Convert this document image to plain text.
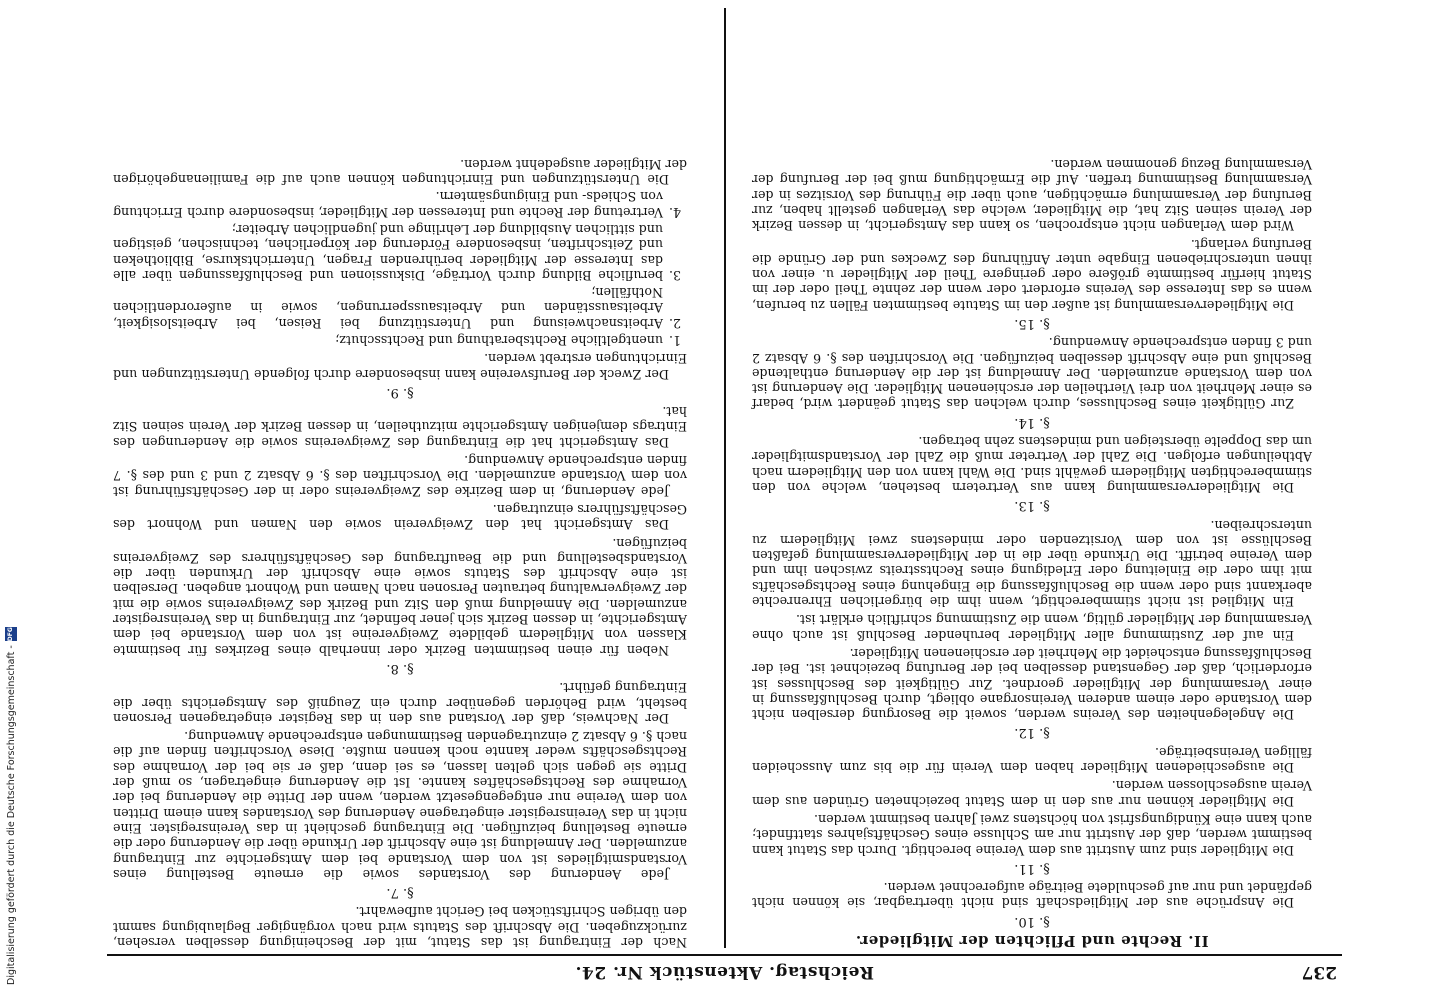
237
Reichstag. Aktenstück Nr. 24.
II. Rechte und Pflichten der Mitglieder.
§. 10.

Die Ansprüche aus der Mitgliedschaft sind nicht übertragbar, sie können nicht gepfändet und nur auf geschuldete Beiträge aufgerechnet werden.

§. 11.

Die Mitglieder sind zum Austritt aus dem Vereine berechtigt. Durch das Statut kann bestimmt werden, daß der Austritt nur am Schlusse eines Geschäftsjahres stattfindet; auch kann eine Kündigungsfrist von höchstens zwei Jahren bestimmt werden.

Die Mitglieder können nur aus den in dem Statut bezeichneten Gründen aus dem Verein ausgeschlossen werden.

Die ausgeschiedenen Mitglieder haben dem Verein für die bis zum Ausscheiden fälligen Vereinsbeiträge.

§. 12.

Die Angelegenheiten des Vereins werden, soweit die Besorgung derselben nicht dem Vorstande oder einem anderen Vereinsorgane obliegt, durch Beschlußfassung in einer Versammlung der Mitglieder geordnet. Zur Gültigkeit des Beschlusses ist erforderlich, daß der Gegenstand desselben bei der Berufung bezeichnet ist. Bei der Beschlußfassung entscheidet die Mehrheit der erschienenen Mitglieder.

Ein auf der Zustimmung aller Mitglieder beruhender Beschluß ist auch ohne Versammlung der Mitglieder gültig, wenn die Zustimmung schriftlich erklärt ist.

Ein Mitglied ist nicht stimmberechtigt, wenn ihm die bürgerlichen Ehrenrechte aberkannt sind oder wenn die Beschlußfassung die Eingehung eines Rechtsgeschäfts mit ihm oder die Einleitung oder Erledigung eines Rechtsstreits zwischen ihm und dem Vereine betrifft. Die Urkunde über die in der Mitgliederversammlung gefaßten Beschlüsse ist von dem Vorsitzenden oder mindestens zwei Mitgliedern zu unterschreiben.

§. 13.

Die Mitgliederversammlung kann aus Vertretern bestehen, welche von den stimmberechtigten Mitgliedern gewählt sind. Die Wahl kann von den Mitgliedern nach Abtheilungen erfolgen. Die Zahl der Vertreter muß die Zahl der Vorstandsmitglieder um das Doppelte übersteigen und mindestens zehn betragen.

§. 14.

Zur Gültigkeit eines Beschlusses, durch welchen das Statut geändert wird, bedarf es einer Mehrheit von drei Viertheilen der erschienenen Mitglieder. Die Aenderung ist von dem Vorstande anzumelden. Der Anmeldung ist der die Aenderung enthaltende Beschluß und eine Abschrift desselben beizufügen. Die Vorschriften des §. 6 Absatz 2 und 3 finden entsprechende Anwendung.

§. 15.

Die Mitgliederversammlung ist außer den im Statute bestimmten Fällen zu berufen, wenn es das Interesse des Vereins erfordert oder wenn der zehnte Theil oder der im Statut hierfür bestimmte größere oder geringere Theil der Mitglieder u. einer von ihnen unterschriebenen Eingabe unter Anführung des Zweckes und der Gründe die Berufung verlangt.

Wird dem Verlangen nicht entsprochen, so kann das Amtsgericht, in dessen Bezirk der Verein seinen Sitz hat, die Mitglieder, welche das Verlangen gestellt haben, zur Berufung der Versammlung ermächtigen, auch über die Führung des Vorsitzes in der Versammlung Bestimmung treffen. Auf die Ermächtigung muß bei der Berufung der Versammlung Bezug genommen werden.

Nach der Eintragung ist das Statut, mit der Bescheinigung desselben versehen, zurückzugeben. Die Abschrift des Statuts wird nach vorgängiger Beglaubigung sammt den übrigen Schriftstücken bei Gericht aufbewahrt.

§. 7.

Jede Aenderung des Vorstandes sowie die erneute Bestellung eines Vorstandsmitgliedes ist von dem Vorstande bei dem Amtsgerichte zur Eintragung anzumelden. Der Anmeldung ist eine Abschrift der Urkunde über die Aenderung oder die erneute Bestellung beizufügen. Die Eintragung geschieht in das Vereinsregister. Eine nicht in das Vereinsregister eingetragene Aenderung des Vorstandes kann einem Dritten von dem Vereine nur entgegengesetzt werden, wenn der Dritte die Aenderung bei der Vornahme des Rechtsgeschäftes kannte. Ist die Aenderung eingetragen, so muß der Dritte sie gegen sich gelten lassen, es sei denn, daß er sie bei der Vornahme des Rechtsgeschäfts weder kannte noch kennen mußte. Diese Vorschriften finden auf die nach §. 6 Absatz 2 einzutragenden Bestimmungen entsprechende Anwendung.

Der Nachweis, daß der Vorstand aus den in das Register eingetragenen Personen besteht, wird Behörden gegenüber durch ein Zeugniß des Amtsgerichts über die Eintragung geführt.

§. 8.

Neben für einen bestimmten Bezirk oder innerhalb eines Bezirkes für bestimmte Klassen von Mitgliedern gebildete Zweigvereine ist von dem Vorstande bei dem Amtsgerichte, in dessen Bezirk sich jener befindet, zur Eintragung in das Vereinsregister anzumelden. Die Anmeldung muß den Sitz und Bezirk des Zweigvereins sowie die mit der Zweigverwaltung betrauten Personen nach Namen und Wohnort angeben. Derselben ist eine Abschrift des Statuts sowie eine Abschrift der Urkunden über die Vorstandsbestellung und die Beauftragung des Geschäftsführers des Zweigvereins beizufügen.

Das Amtsgericht hat den Zweigverein sowie den Namen und Wohnort des Geschäftsführers einzutragen.

Jede Aenderung, in dem Bezirke des Zweigvereins oder in der Geschäftsführung ist von dem Vorstande anzumelden. Die Vorschriften des §. 6 Absatz 2 und 3 und des §. 7 finden entsprechende Anwendung.

Das Amtsgericht hat die Eintragung des Zweigvereins sowie die Aenderungen des Eintrags demjenigen Amtsgerichte mitzutheilen, in dessen Bezirk der Verein seinen Sitz hat.

§. 9.

Der Zweck der Berufsvereine kann insbesondere durch folgende Unterstützungen und Einrichtungen erstrebt werden.

1.
unentgeltliche Rechtsberathung und Rechtsschutz;
2.
Arbeitsnachweisung und Unterstützung bei Reisen, bei Arbeitslosigkeit, Arbeitsausständen und Arbeitsaussperrungen, sowie in außerordentlichen Nothfällen;
3.
berufliche Bildung durch Vorträge, Diskussionen und Beschlußfassungen über alle das Interesse der Mitglieder berührenden Fragen, Unterrichtskurse, Bibliotheken und Zeitschriften, insbesondere Förderung der körperlichen, technischen, geistigen und sittlichen Ausbildung der Lehrlinge und jugendlichen Arbeiter;
4.
Vertretung der Rechte und Interessen der Mitglieder, insbesondere durch Errichtung von Schieds- und Einigungsämtern.

Die Unterstützungen und Einrichtungen können auch auf die Familienangehörigen der Mitglieder ausgedehnt werden.

Digitalisierung gefördert durch die Deutsche Forschungsgemeinschaft -
DFG
